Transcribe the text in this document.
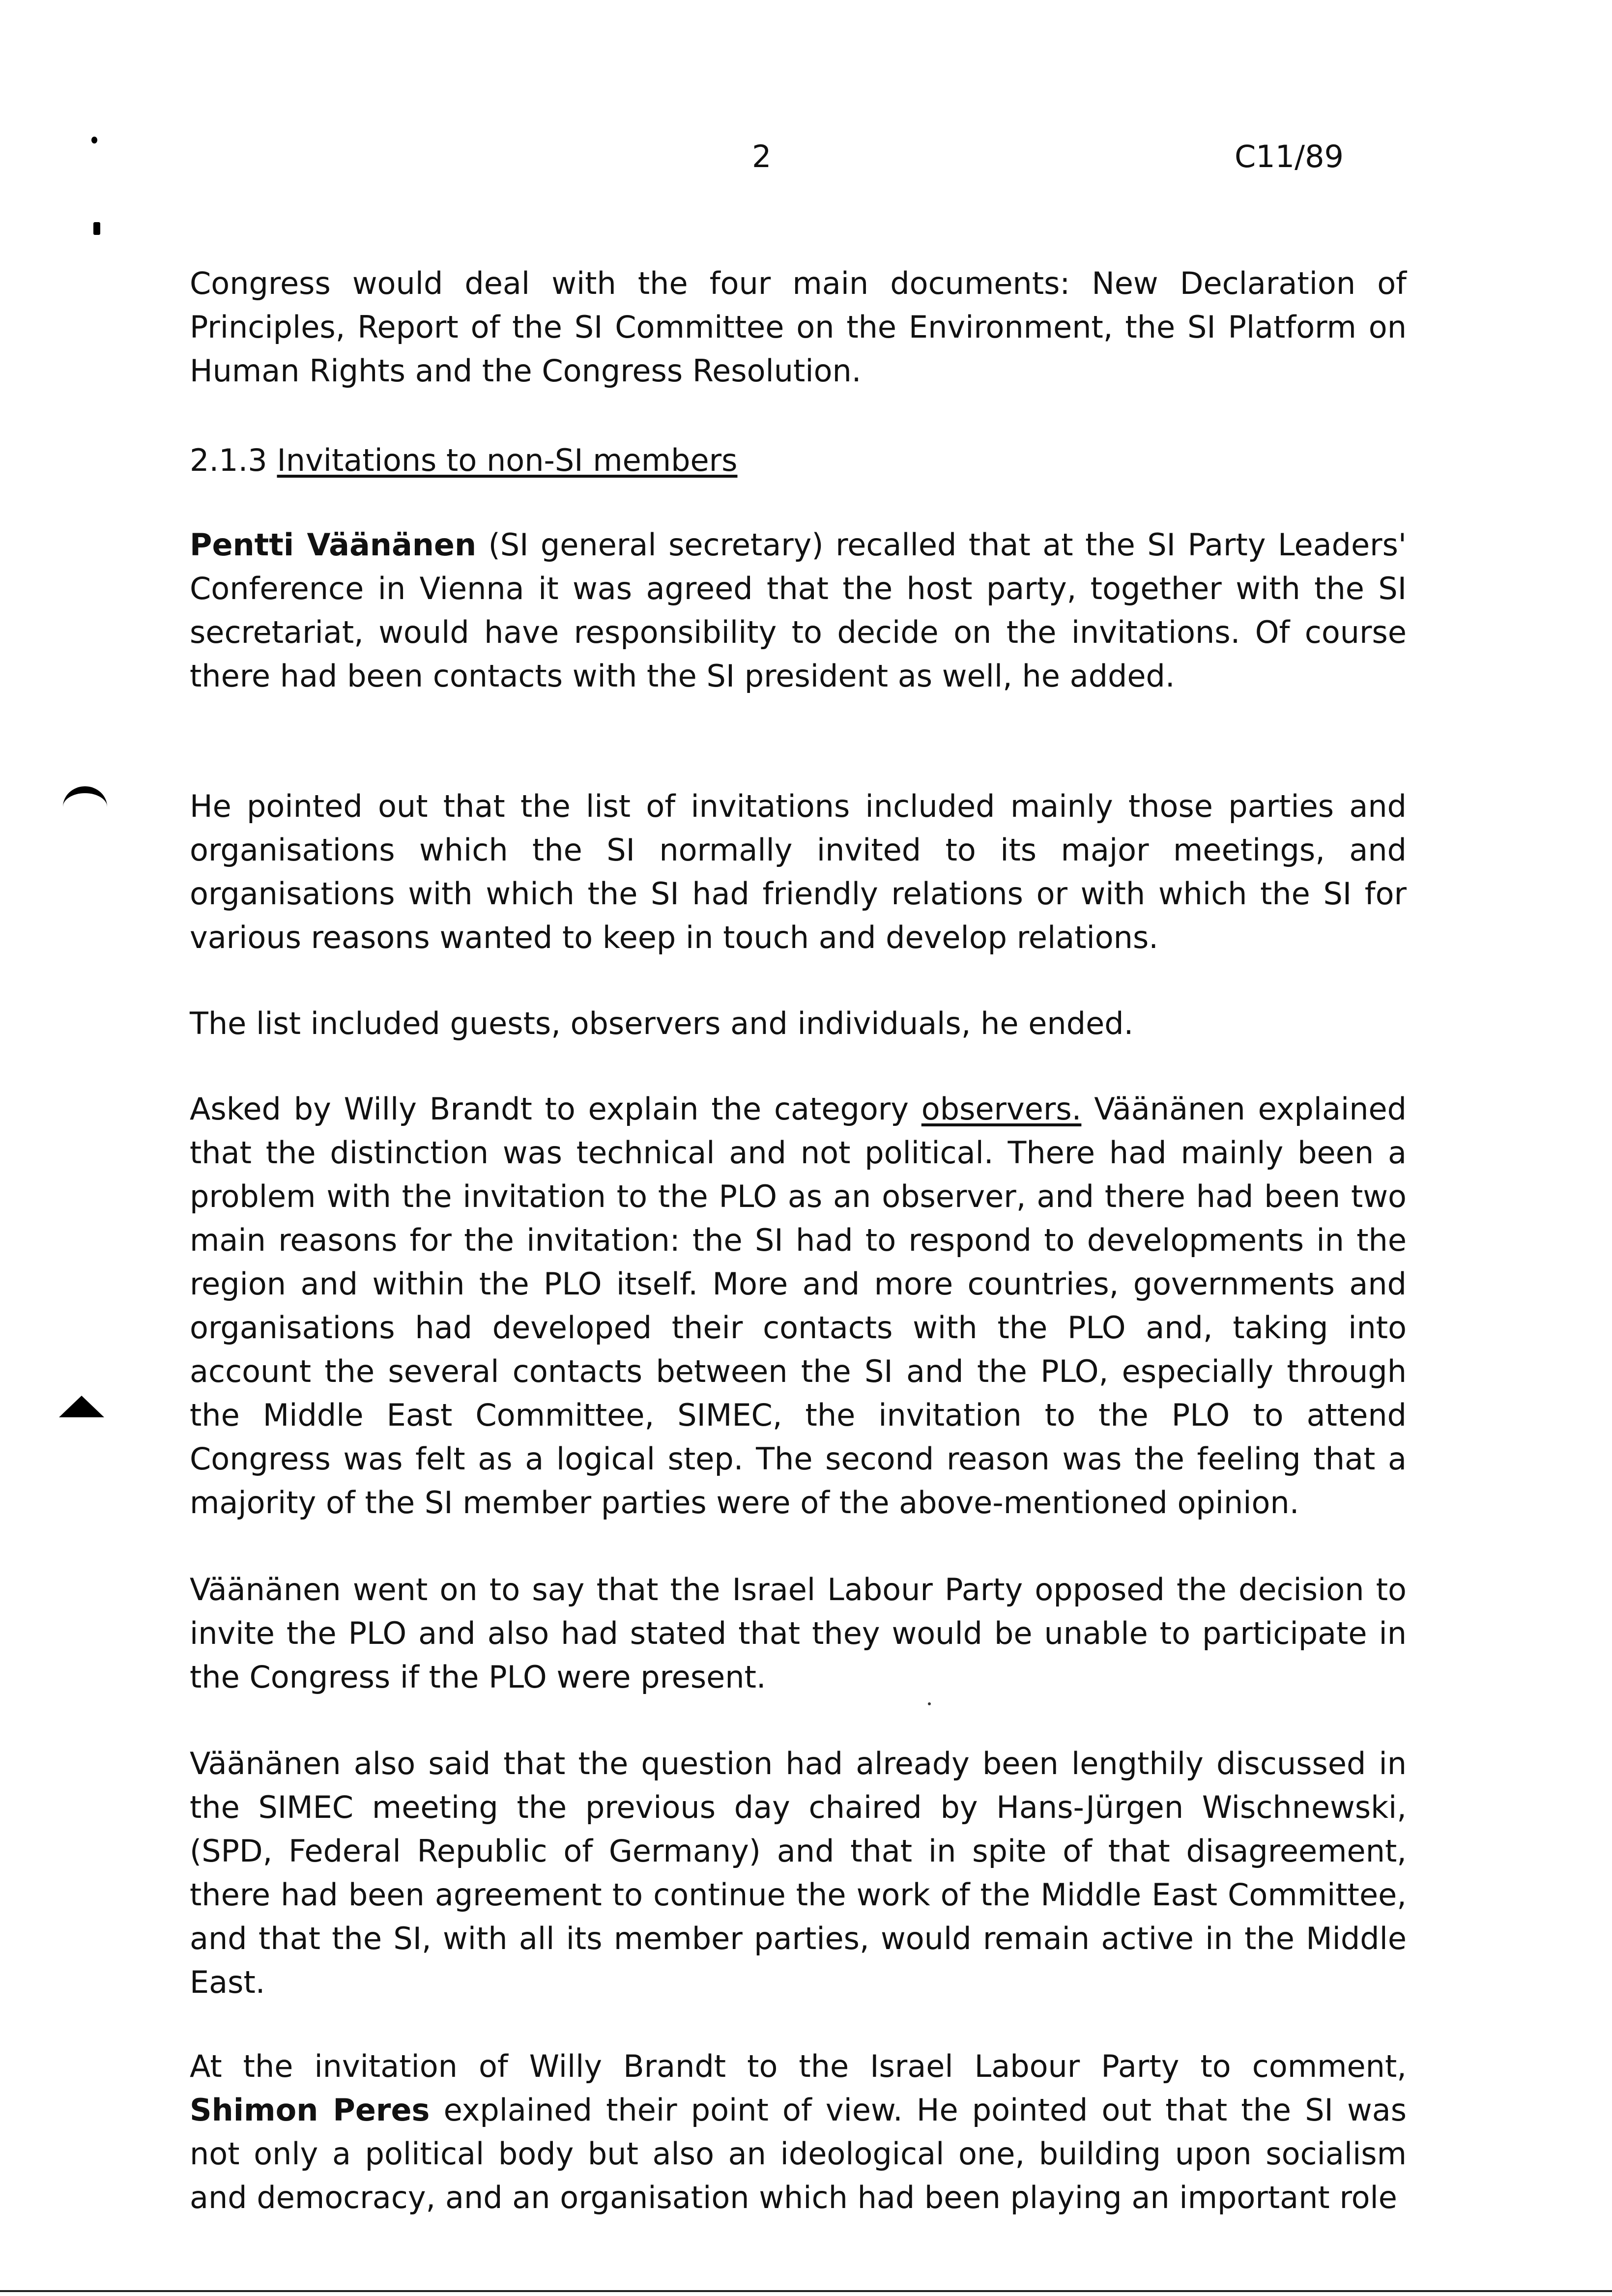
2	C11/89
Congress would deal with the four main documents: New Declaration of Principles, Report of the SI Committee on the Environment, the SI Platform on Human Rights and the Congress Resolution.
2.1.3 Invitations to non-SI members
Pentti Väänänen (SI general secretary) recalled that at the SI Party Leaders' Conference in Vienna it was agreed that the host party, together with the SI secretariat, would have responsibility to decide on the invitations. Of course there had been contacts with the SI president as well, he added.
He pointed out that the list of invitations included mainly those parties and organisations which the SI normally invited to its major meetings, and organisations with which the SI had friendly relations or with which the SI for various reasons wanted to keep in touch and develop relations.
The list included guests, observers and individuals, he ended.
Asked by Willy Brandt to explain the category observers. Väänänen explained that the distinction was technical and not political. There had mainly been a problem with the invitation to the PLO as an observer, and there had been two main reasons for the invitation: the SI had to respond to developments in the region and within the PLO itself. More and more countries, governments and organisations had developed their contacts with the PLO and, taking into account the several contacts between the SI and the PLO, especially through the Middle East Committee, SIMEC, the invitation to the PLO to attend Congress was felt as a logical step. The second reason was the feeling that a majority of the SI member parties were of the above-mentioned opinion.
Väänänen went on to say that the Israel Labour Party opposed the decision to invite the PLO and also had stated that they would be unable to participate in the Congress if the PLO were present.
Väänänen also said that the question had already been lengthily discussed in the SIMEC meeting the previous day chaired by Hans-Jürgen Wischnewski, (SPD, Federal Republic of Germany) and that in spite of that disagreement, there had been agreement to continue the work of the Middle East Committee, and that the SI, with all its member parties, would remain active in the Middle East.
At the invitation of Willy Brandt to the Israel Labour Party to comment, Shimon Peres explained their point of view. He pointed out that the SI was not only a political body but also an ideological one, building upon socialism and democracy, and an organisation which had been playing an important role
